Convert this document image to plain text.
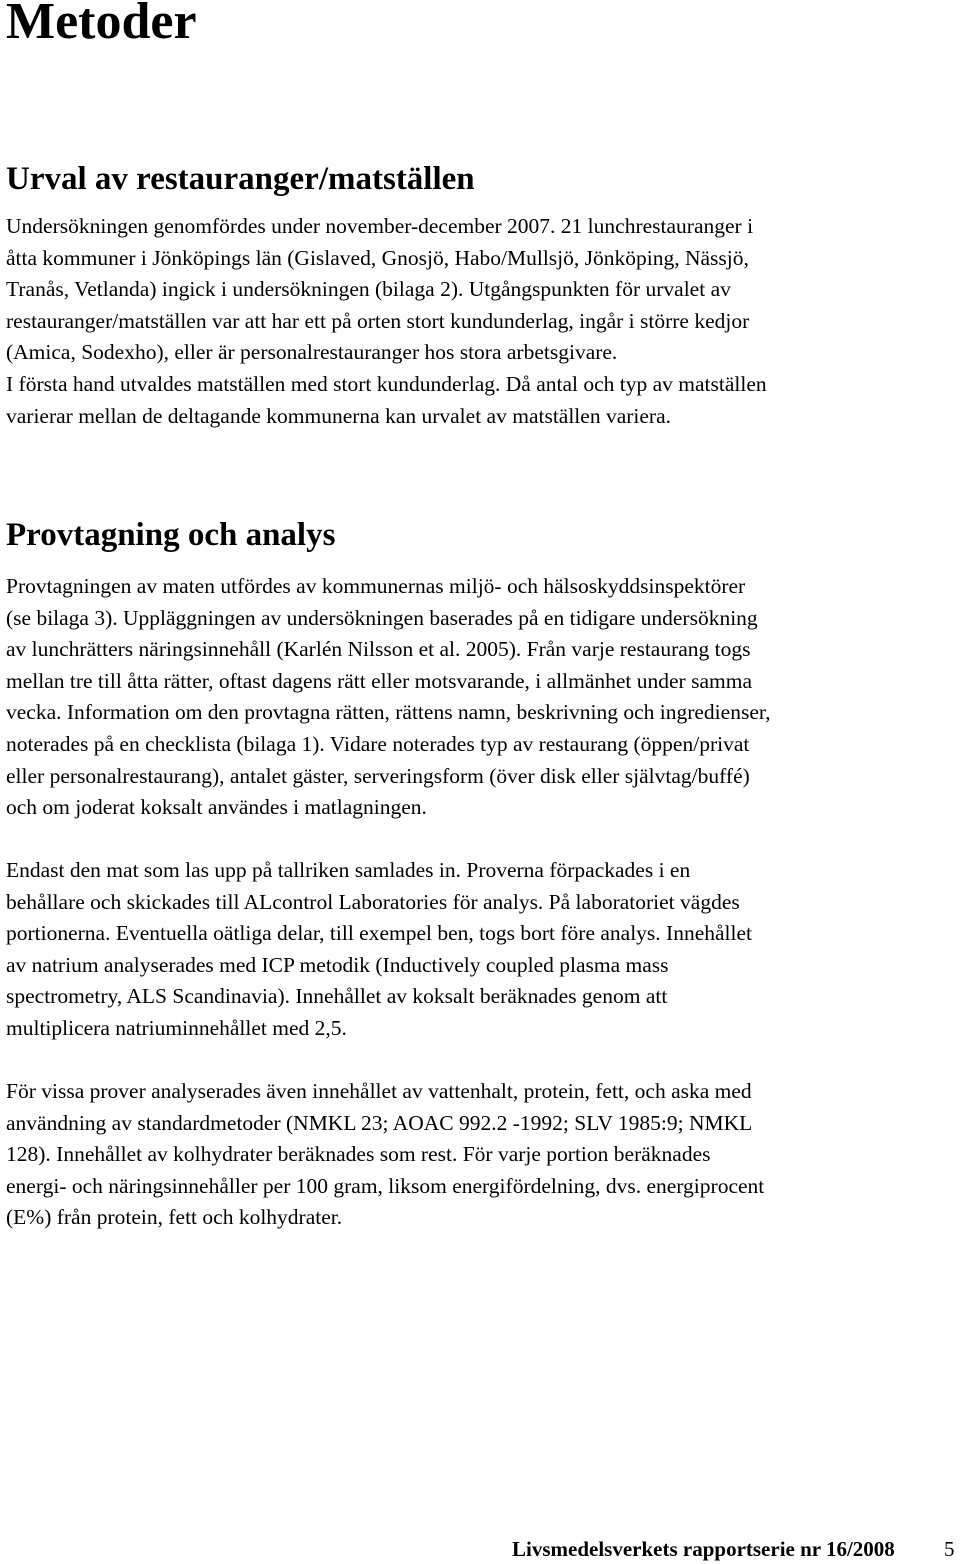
Metoder
Urval av restauranger/matställen
Undersökningen genomfördes under november-december 2007. 21 lunchrestauranger i
åtta kommuner i Jönköpings län (Gislaved, Gnosjö, Habo/Mullsjö, Jönköping, Nässjö,
Tranås, Vetlanda) ingick i undersökningen (bilaga 2). Utgångspunkten för urvalet av
restauranger/matställen var att har ett på orten stort kundunderlag, ingår i större kedjor
(Amica, Sodexho), eller är personalrestauranger hos stora arbetsgivare.
I första hand utvaldes matställen med stort kundunderlag. Då antal och typ av matställen
varierar mellan de deltagande kommunerna kan urvalet av matställen variera.
Provtagning och analys
Provtagningen av maten utfördes av kommunernas miljö- och hälsoskyddsinspektörer
(se bilaga 3). Uppläggningen av undersökningen baserades på en tidigare undersökning
av lunchrätters näringsinnehåll (Karlén Nilsson et al. 2005). Från varje restaurang togs
mellan tre till åtta rätter, oftast dagens rätt eller motsvarande, i allmänhet under samma
vecka. Information om den provtagna rätten, rättens namn, beskrivning och ingredienser,
noterades på en checklista (bilaga 1). Vidare noterades typ av restaurang (öppen/privat
eller personalrestaurang), antalet gäster, serveringsform (över disk eller självtag/buffé)
och om joderat koksalt användes i matlagningen.
Endast den mat som las upp på tallriken samlades in. Proverna förpackades i en
behållare och skickades till ALcontrol Laboratories för analys. På laboratoriet vägdes
portionerna. Eventuella oätliga delar, till exempel ben, togs bort före analys. Innehållet
av natrium analyserades med ICP metodik (Inductively coupled plasma mass
spectrometry, ALS Scandinavia). Innehållet av koksalt beräknades genom att
multiplicera natriuminnehållet med 2,5.
För vissa prover analyserades även innehållet av vattenhalt, protein, fett, och aska med
användning av standardmetoder (NMKL 23; AOAC 992.2 -1992; SLV 1985:9; NMKL
128). Innehållet av kolhydrater beräknades som rest. För varje portion beräknades
energi- och näringsinnehåller per 100 gram, liksom energifördelning, dvs. energiprocent
(E%) från protein, fett och kolhydrater.
Livsmedelsverkets rapportserie nr 16/2008 5
